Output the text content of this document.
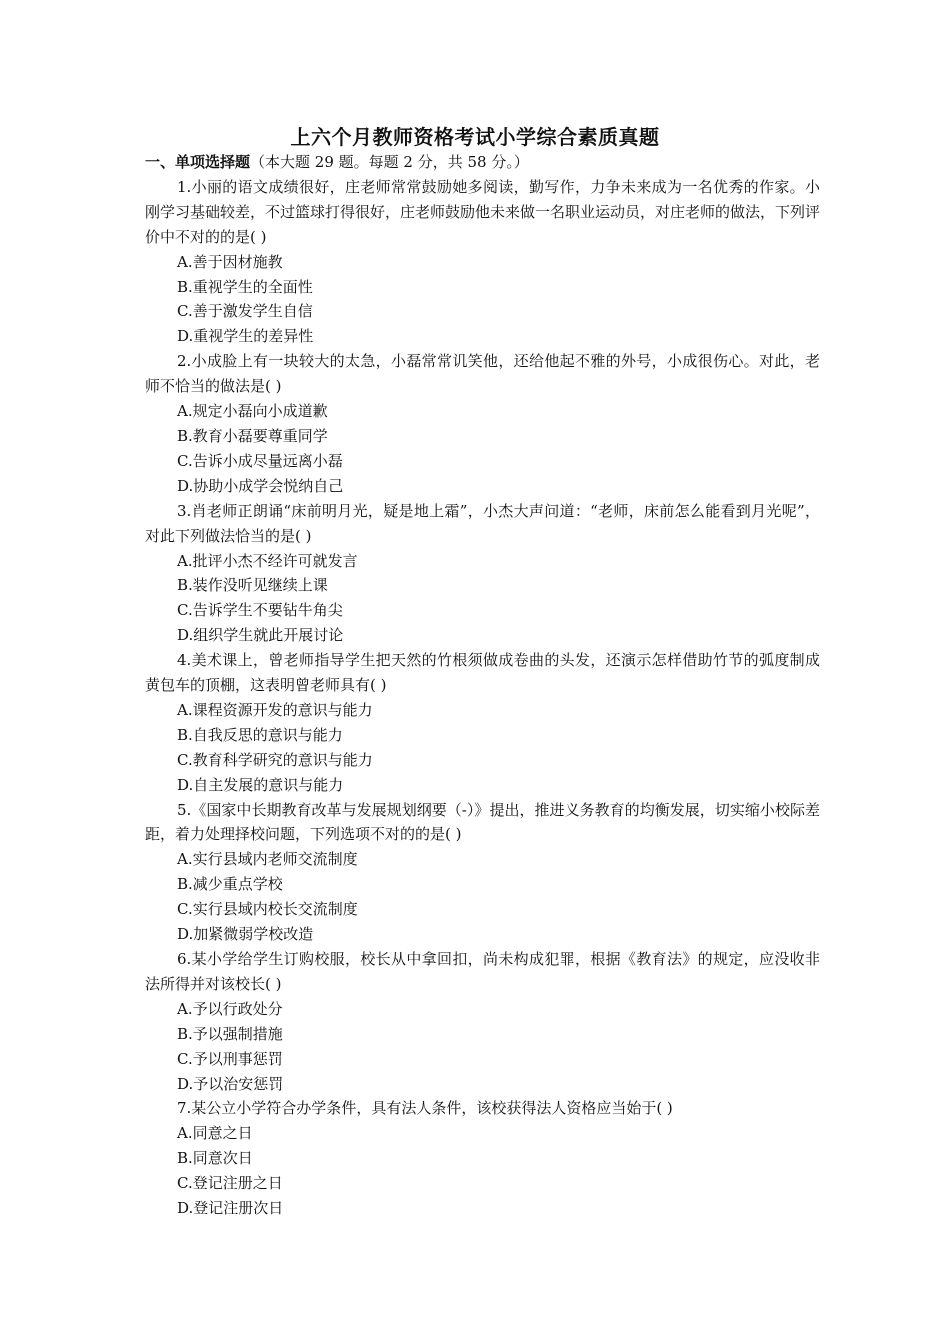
上六个月教师资格考试小学综合素质真题

一、单项选择题（本大题 29 题。每题 2 分，共 58 分。）

1.小丽的语文成绩很好，庄老师常常鼓励她多阅读，勤写作，力争未来成为一名优秀的作家。小刚学习基础较差，不过篮球打得很好，庄老师鼓励他未来做一名职业运动员，对庄老师的做法，下列评价中不对的的是( )

A.善于因材施教

B.重视学生的全面性

C.善于激发学生自信

D.重视学生的差异性

2.小成脸上有一块较大的太急，小磊常常讥笑他，还给他起不雅的外号，小成很伤心。对此，老师不恰当的做法是( )

A.规定小磊向小成道歉

B.教育小磊要尊重同学

C.告诉小成尽量远离小磊

D.协助小成学会悦纳自己

3.肖老师正朗诵“床前明月光，疑是地上霜”，小杰大声问道：“老师，床前怎么能看到月光呢”，对此下列做法恰当的是( )

A.批评小杰不经许可就发言

B.装作没听见继续上课

C.告诉学生不要钻牛角尖

D.组织学生就此开展讨论

4.美术课上，曾老师指导学生把天然的竹根须做成卷曲的头发，还演示怎样借助竹节的弧度制成黄包车的顶棚，这表明曾老师具有( )

A.课程资源开发的意识与能力

B.自我反思的意识与能力

C.教育科学研究的意识与能力

D.自主发展的意识与能力

5.《国家中长期教育改革与发展规划纲要（-）》提出，推进义务教育的均衡发展，切实缩小校际差距，着力处理择校问题，下列选项不对的的是( )

A.实行县域内老师交流制度

B.减少重点学校

C.实行县域内校长交流制度

D.加紧微弱学校改造

6.某小学给学生订购校服，校长从中拿回扣，尚未构成犯罪，根据《教育法》的规定，应没收非法所得并对该校长( )

A.予以行政处分

B.予以强制措施

C.予以刑事惩罚

D.予以治安惩罚

7.某公立小学符合办学条件，具有法人条件，该校获得法人资格应当始于( )

A.同意之日

B.同意次日

C.登记注册之日

D.登记注册次日
